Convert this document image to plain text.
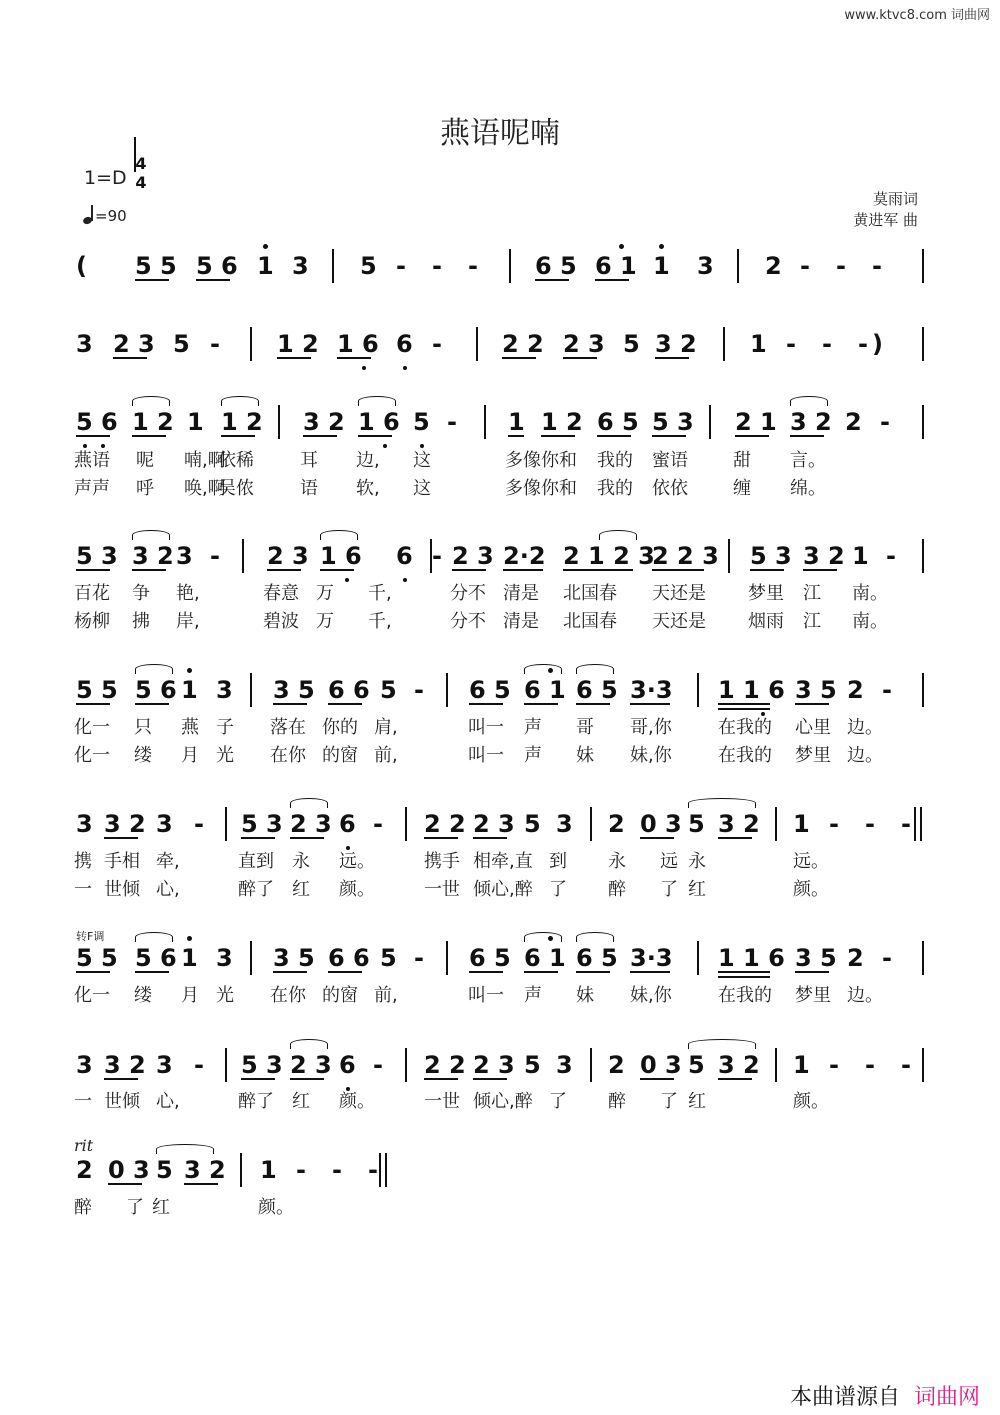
www.ktvc8.com 词曲网
燕语呢喃
1=D
4
4
=90
莫雨词
黄进军 曲
转F调
rit
( 5 5 5 6 1 3 5 - - - 6 5 6 1 1 3 2 - - -
3 2 3 5 - 1 2 1 6 6 -	2 2 2 3 5 3 2 1 - - - )
5 6 1 2 1 1 2 3 2 1 6 5 - 1 1 2 6 5 5 3 2 1 3 2 2 -
燕语 呢 喃,啊
依稀	耳 边, 这	多像 你和 我的 蜜语	甜 言。
声声 呼 唤,啊
吴侬	语 软, 这	多像 你和 我的 依依	缠 绵。
5 3 3 2 3 - 2 3 1 6 6 - 2 3 2·2 2 1 2 3
2 2 3 5 3 3 2 1 -
百花 争 艳,	春意 万 千,	分不 清是 北国春 天还是 梦里 江 南。
杨柳 拂 岸,	碧波 万 千,	分不 清是 北国春 天还是 烟雨 江 南。
5 5 5 6 1 3 3 5 6 6 5 - 6 5 6 1 6 5 3·3 1 1 6 3 5 2 -
化一 只 燕 子 落在 你的 肩,	叫一 声 哥 哥,你	在我的 心里 边。
化一 缕 月 光 在你 的窗 前,	叫一 声 妹 妹,你	在我的 梦里 边。
3 3 2 3 - 5 3 2 3 6 - 2 2 2 3 5 3 2 0 3 5 3 2 1 - - -
携 手相 牵,	直到 永 远。	携手 相牵,直 到 永 远 永	远。
一 世倾 心,	醉了 红 颜。	一世 倾心,醉 了 醉 了 红	颜。
5 5 5 6 1 3 3 5 6 6 5 - 6 5 6 1 6 5 3·3 1 1 6 3 5 2 -
化一 缕 月 光 在你 的窗 前,	叫一 声 妹 妹,你	在我的 梦里 边。
3 3 2 3 - 5 3 2 3 6 - 2 2 2 3 5 3 2 0 3 5 3 2 1 - - -
一 世倾 心,	醉了 红 颜。	一世 倾心,醉 了 醉 了 红	颜。
2 0 3 5 3 2 1 - - -
醉 了 红	颜。
本曲谱源自 词曲网
